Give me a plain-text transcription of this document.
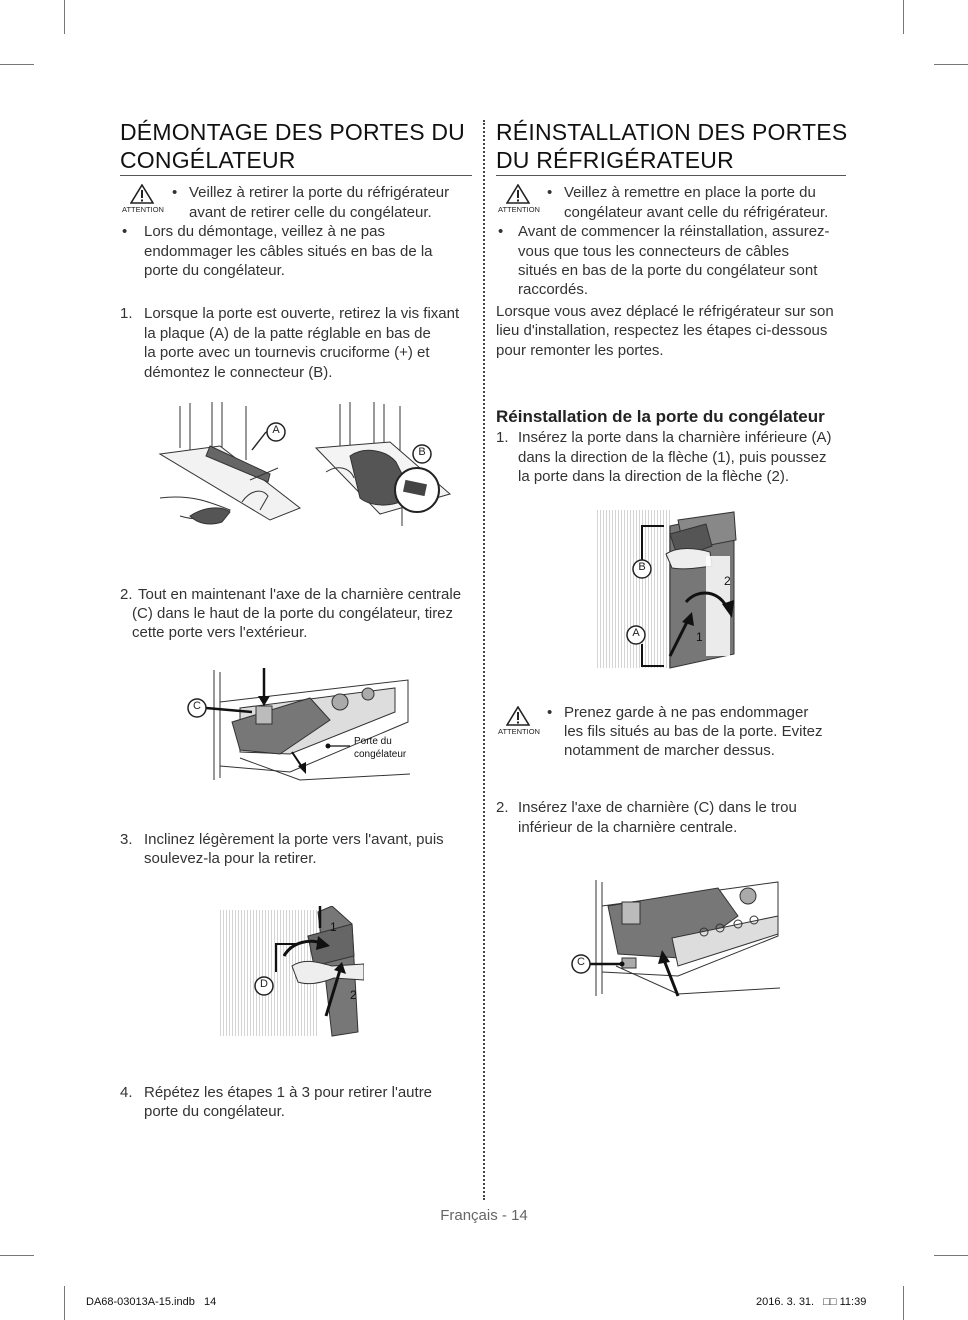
DÉMONTAGE DES PORTES DU
CONGÉLATEUR
ATTENTION
• Veillez à retirer la porte du réfrigérateur
avant de retirer celle du congélateur.
• Lors du démontage, veillez à ne pas
endommager les câbles situés en bas de la
porte du congélateur.
1. Lorsque la porte est ouverte, retirez la vis fixant
la plaque (A) de la patte réglable en bas de
la porte avec un tournevis cruciforme (+) et
démontez le connecteur (B).
A
B
2. Tout en maintenant l'axe de la charnière centrale
(C) dans le haut de la porte du congélateur, tirez
cette porte vers l'extérieur.
C
Porte du
congélateur
3. Inclinez légèrement la porte vers l'avant, puis
soulevez-la pour la retirer.
D
1
2
4. Répétez les étapes 1 à 3 pour retirer l'autre
porte du congélateur.
RÉINSTALLATION DES PORTES
DU RÉFRIGÉRATEUR
ATTENTION
• Veillez à remettre en place la porte du
congélateur avant celle du réfrigérateur.
• Avant de commencer la réinstallation, assurez-
vous que tous les connecteurs de câbles
situés en bas de la porte du congélateur sont
raccordés.
Lorsque vous avez déplacé le réfrigérateur sur son
lieu d'installation, respectez les étapes ci-dessous
pour remonter les portes.
Réinstallation de la porte du congélateur
1. Insérez la porte dans la charnière inférieure (A)
dans la direction de la flèche (1), puis poussez
la porte dans la direction de la flèche (2).
B
A	1
2
ATTENTION
• Prenez garde à ne pas endommager
les fils situés au bas de la porte. Evitez
notamment de marcher dessus.
2. Insérez l'axe de charnière (C) dans le trou
inférieur de la charnière centrale.
C
Français - 14
DA68-03013A-15.indb   14	2016. 3. 31.   □□ 11:39
